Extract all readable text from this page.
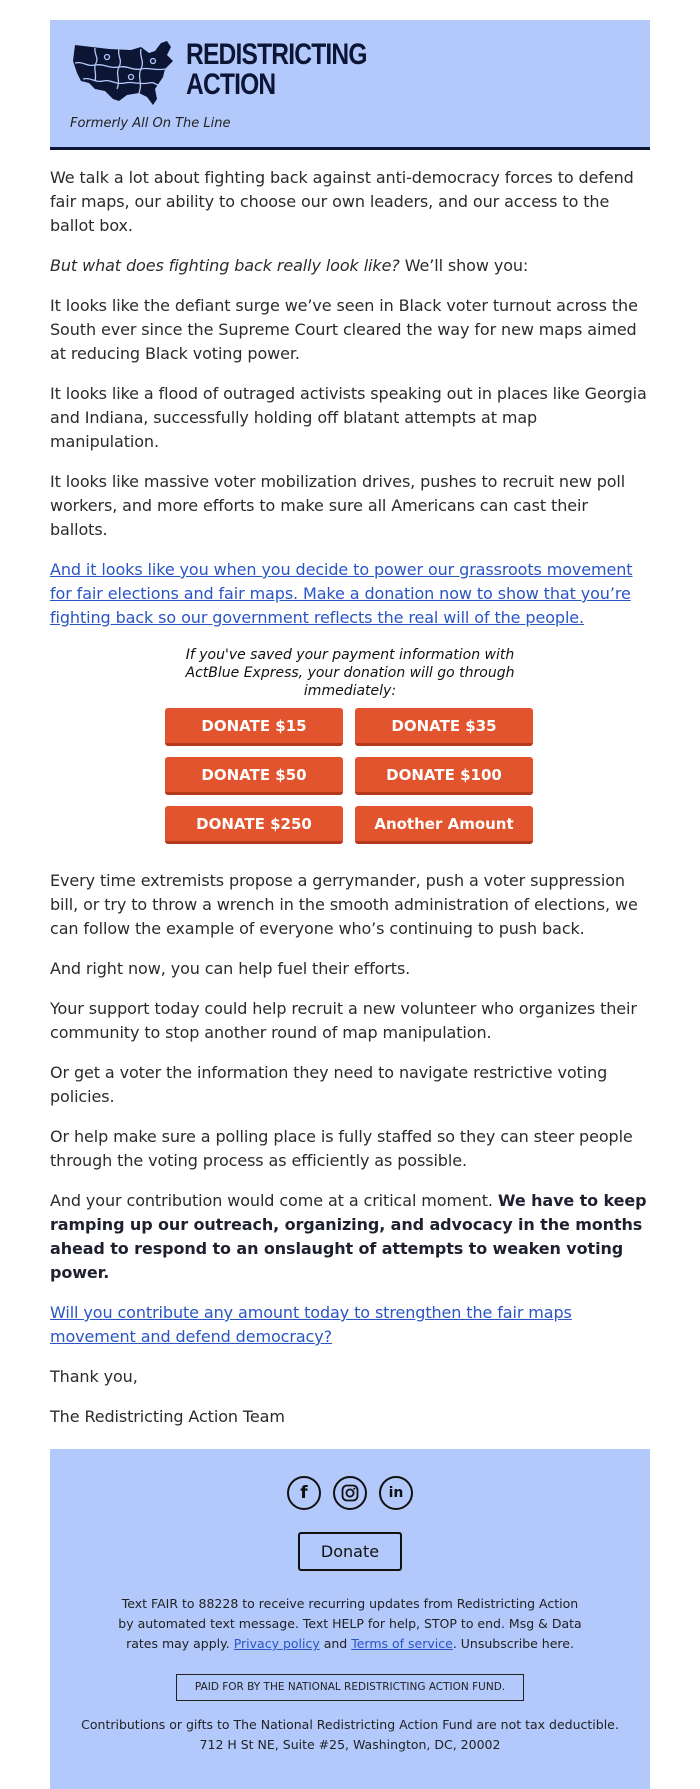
REDISTRICTING
ACTION
Formerly All On The Line

We talk a lot about fighting back against anti-democracy forces to defend fair maps, our ability to choose our own leaders, and our access to the ballot box.

But what does fighting back really look like? We’ll show you:

It looks like the defiant surge we’ve seen in Black voter turnout across the South ever since the Supreme Court cleared the way for new maps aimed at reducing Black voting power.

It looks like a flood of outraged activists speaking out in places like Georgia and Indiana, successfully holding off blatant attempts at map manipulation.

It looks like massive voter mobilization drives, pushes to recruit new poll workers, and more efforts to make sure all Americans can cast their ballots.

And it looks like you when you decide to power our grassroots movement for fair elections and fair maps. Make a donation now to show that you’re fighting back so our government reflects the real will of the people.

If you've saved your payment information with ActBlue Express, your donation will go through immediately:
DONATE $15	DONATE $35
DONATE $50	DONATE $100
DONATE $250	Another Amount

Every time extremists propose a gerrymander, push a voter suppression bill, or try to throw a wrench in the smooth administration of elections, we can follow the example of everyone who’s continuing to push back.

And right now, you can help fuel their efforts.

Your support today could help recruit a new volunteer who organizes their community to stop another round of map manipulation.

Or get a voter the information they need to navigate restrictive voting policies.

Or help make sure a polling place is fully staffed so they can steer people through the voting process as efficiently as possible.

And your contribution would come at a critical moment. We have to keep ramping up our outreach, organizing, and advocacy in the months ahead to respond to an onslaught of attempts to weaken voting power.

Will you contribute any amount today to strengthen the fair maps movement and defend democracy?

Thank you,

The Redistricting Action Team

f	in
Donate
Text FAIR to 88228 to receive recurring updates from Redistricting Action by automated text message. Text HELP for help, STOP to end. Msg & Data rates may apply. Privacy policy and Terms of service. Unsubscribe here.
PAID FOR BY THE NATIONAL REDISTRICTING ACTION FUND.
Contributions or gifts to The National Redistricting Action Fund are not tax deductible.
712 H St NE, Suite #25, Washington, DC, 20002
